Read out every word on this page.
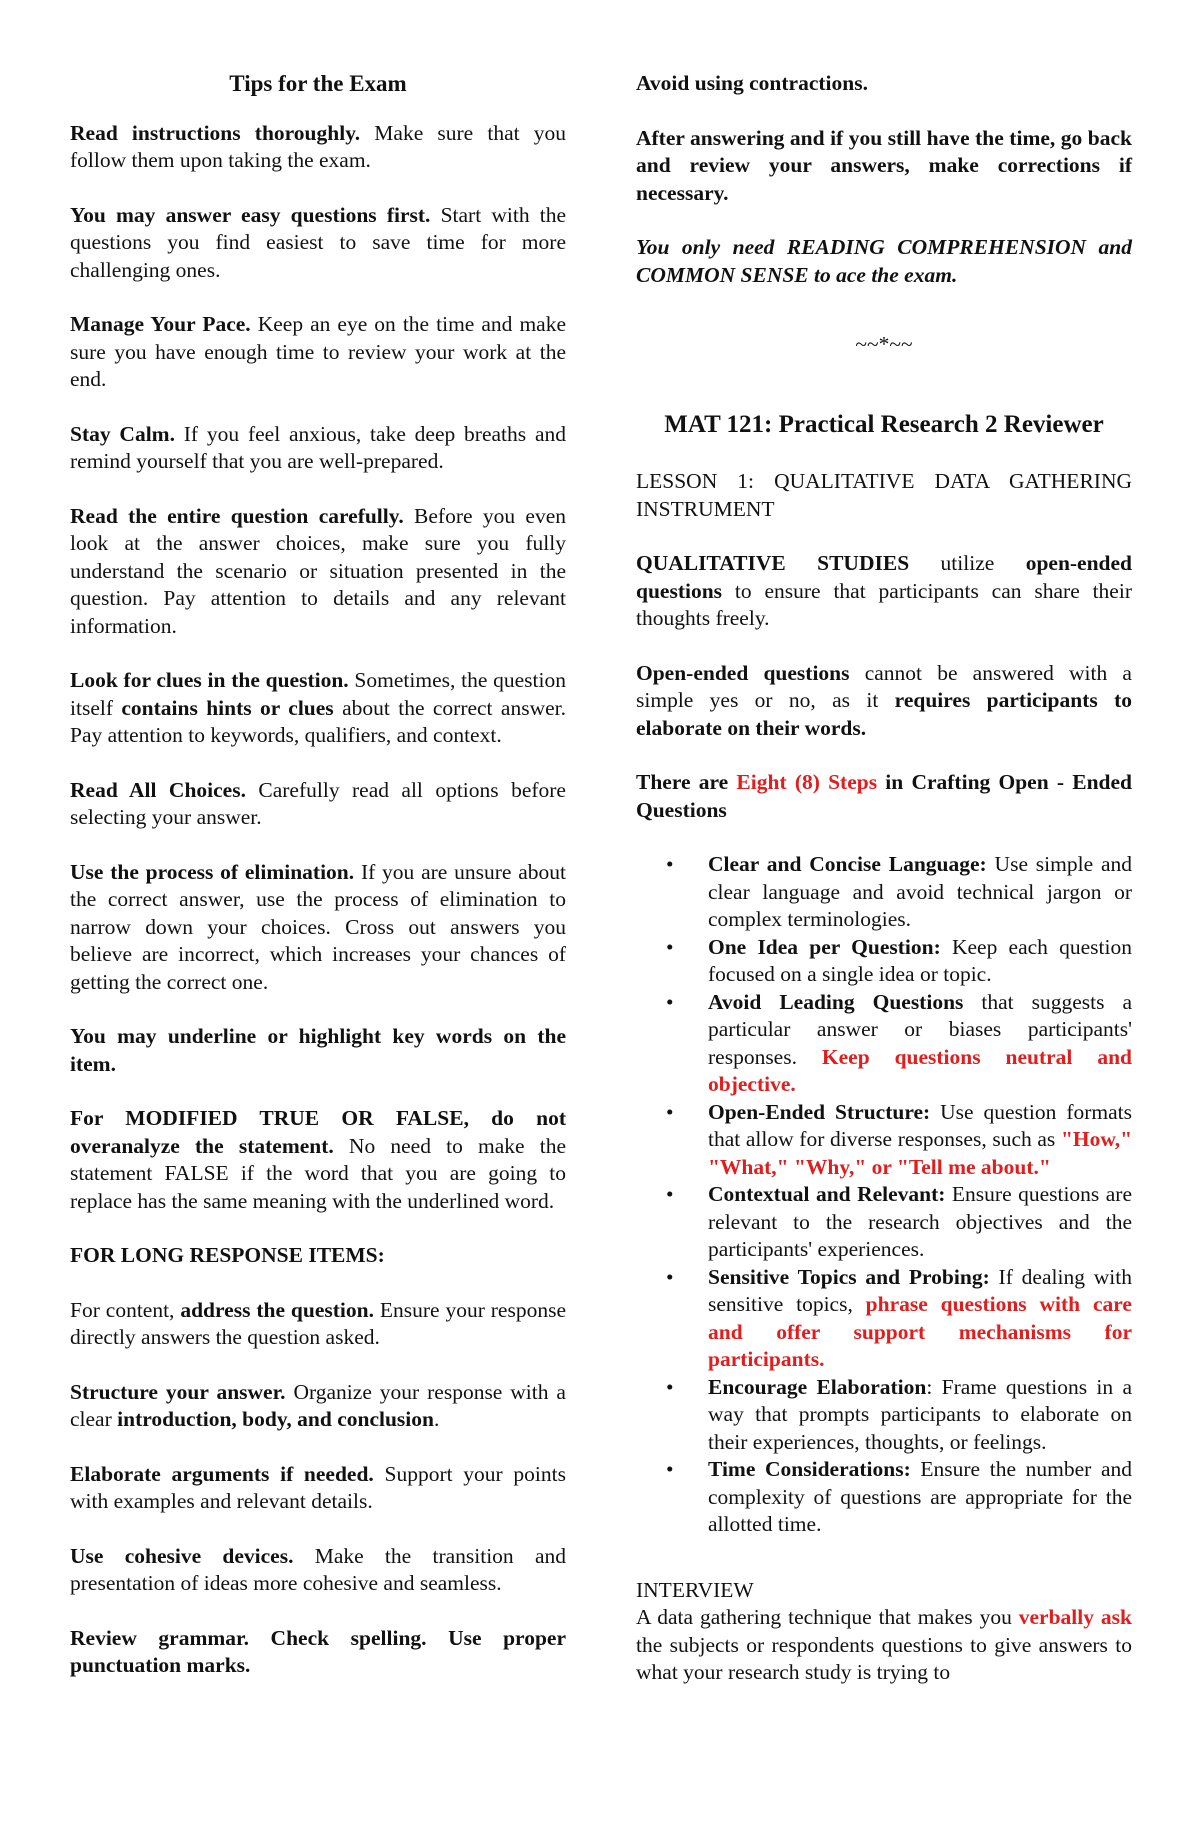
Tips for the Exam

Read instructions thoroughly. Make sure that you follow them upon taking the exam.

You may answer easy questions first. Start with the questions you find easiest to save time for more challenging ones.

Manage Your Pace. Keep an eye on the time and make sure you have enough time to review your work at the end.

Stay Calm. If you feel anxious, take deep breaths and remind yourself that you are well-prepared.

Read the entire question carefully. Before you even look at the answer choices, make sure you fully understand the scenario or situation presented in the question. Pay attention to details and any relevant information.

Look for clues in the question. Sometimes, the question itself contains hints or clues about the correct answer. Pay attention to keywords, qualifiers, and context.

Read All Choices. Carefully read all options before selecting your answer.

Use the process of elimination. If you are unsure about the correct answer, use the process of elimination to narrow down your choices. Cross out answers you believe are incorrect, which increases your chances of getting the correct one.

You may underline or highlight key words on the item.

For MODIFIED TRUE OR FALSE, do not overanalyze the statement. No need to make the statement FALSE if the word that you are going to replace has the same meaning with the underlined word.

FOR LONG RESPONSE ITEMS:

For content, address the question. Ensure your response directly answers the question asked.

Structure your answer. Organize your response with a clear introduction, body, and conclusion.

Elaborate arguments if needed. Support your points with examples and relevant details.

Use cohesive devices. Make the transition and presentation of ideas more cohesive and seamless.

Review grammar. Check spelling. Use proper punctuation marks.

Avoid using contractions.

After answering and if you still have the time, go back and review your answers, make corrections if necessary.

You only need READING COMPREHENSION and COMMON SENSE to ace the exam.

~~*~~
MAT 121: Practical Research 2 Reviewer

LESSON 1: QUALITATIVE DATA GATHERING INSTRUMENT

QUALITATIVE STUDIES utilize open-ended questions to ensure that participants can share their thoughts freely.

Open-ended questions cannot be answered with a simple yes or no, as it requires participants to elaborate on their words.

There are Eight (8) Steps in Crafting Open - Ended Questions

• Clear and Concise Language: Use simple and clear language and avoid technical jargon or complex terminologies.
• One Idea per Question: Keep each question focused on a single idea or topic.
• Avoid Leading Questions that suggests a particular answer or biases participants' responses. Keep questions neutral and objective.
• Open-Ended Structure: Use question formats that allow for diverse responses, such as "How," "What," "Why," or "Tell me about."
• Contextual and Relevant: Ensure questions are relevant to the research objectives and the participants' experiences.
• Sensitive Topics and Probing: If dealing with sensitive topics, phrase questions with care and offer support mechanisms for participants.
• Encourage Elaboration: Frame questions in a way that prompts participants to elaborate on their experiences, thoughts, or feelings.
• Time Considerations: Ensure the number and complexity of questions are appropriate for the allotted time.
INTERVIEW

A data gathering technique that makes you verbally ask the subjects or respondents questions to give answers to what your research study is trying to
